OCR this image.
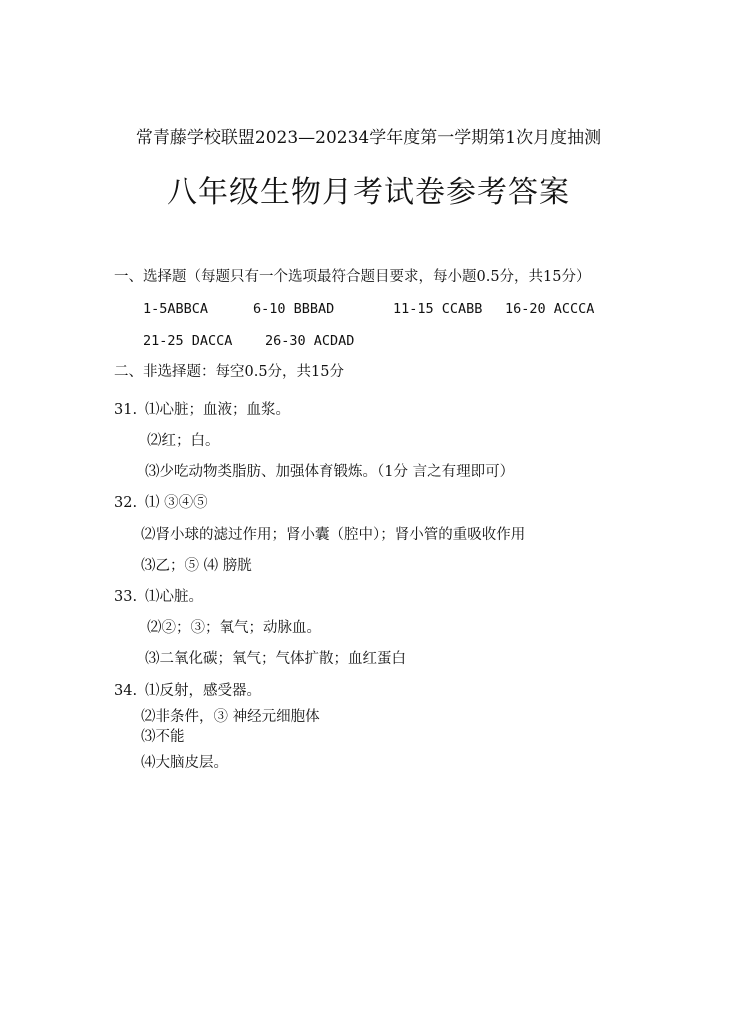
常青藤学校联盟2023—20234学年度第一学期第1次月度抽测
八年级生物月考试卷参考答案
一、选择题（每题只有一个选项最符合题目要求，每小题0.5分，共15分）
1-5ABBCA	6-10 BBBAD	11-15 CCABB 16-20 ACCCA
21-25 DACCA 26-30 ACDAD
二、非选择题：每空0.5分，共15分
31. ⑴心脏；血液；血浆。
⑵红；白。
⑶少吃动物类脂肪、加强体育锻炼。（1分 言之有理即可）
32. ⑴ ③④⑤
⑵肾小球的滤过作用；肾小囊（腔中）；肾小管的重吸收作用
⑶乙；⑤ ⑷ 膀胱
33. ⑴心脏。
⑵②；③；氧气；动脉血。
⑶二氧化碳；氧气；气体扩散；血红蛋白
34. ⑴反射，感受器。
⑵非条件，③ 神经元细胞体
⑶不能
⑷大脑皮层。
